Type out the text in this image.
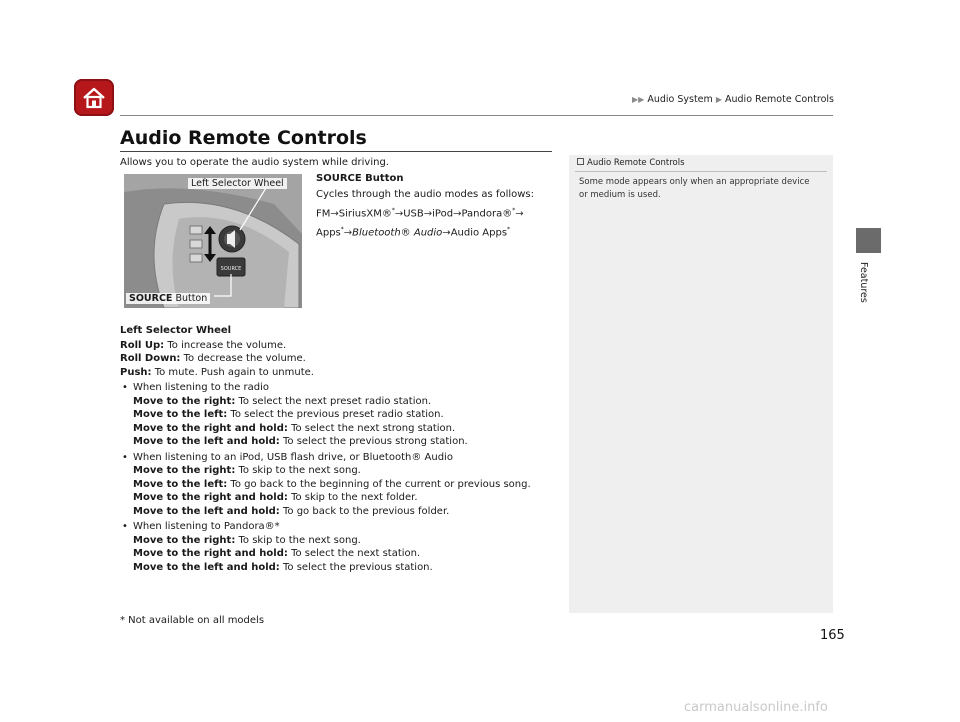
▶▶ Audio System ▶ Audio Remote Controls
Features
Audio Remote Controls
Allows you to operate the audio system while driving.
SOURCE
Left Selector Wheel
SOURCE Button
SOURCE Button
Cycles through the audio modes as follows:
FM→SiriusXM®*→USB→iPod→Pandora®*→
Apps*→Bluetooth® Audio→Audio Apps*
Left Selector Wheel
Roll Up: To increase the volume.
Roll Down: To decrease the volume.
Push: To mute. Push again to unmute.
• When listening to the radio
Move to the right: To select the next preset radio station.
Move to the left: To select the previous preset radio station.
Move to the right and hold: To select the next strong station.
Move to the left and hold: To select the previous strong station.
• When listening to an iPod, USB flash drive, or Bluetooth® Audio
Move to the right: To skip to the next song.
Move to the left: To go back to the beginning of the current or previous song.
Move to the right and hold: To skip to the next folder.
Move to the left and hold: To go back to the previous folder.
• When listening to Pandora®*
Move to the right: To skip to the next song.
Move to the right and hold: To select the next station.
Move to the left and hold: To select the previous station.
Audio Remote Controls
Some mode appears only when an appropriate device or medium is used.
* Not available on all models
165
carmanualsonline.info
